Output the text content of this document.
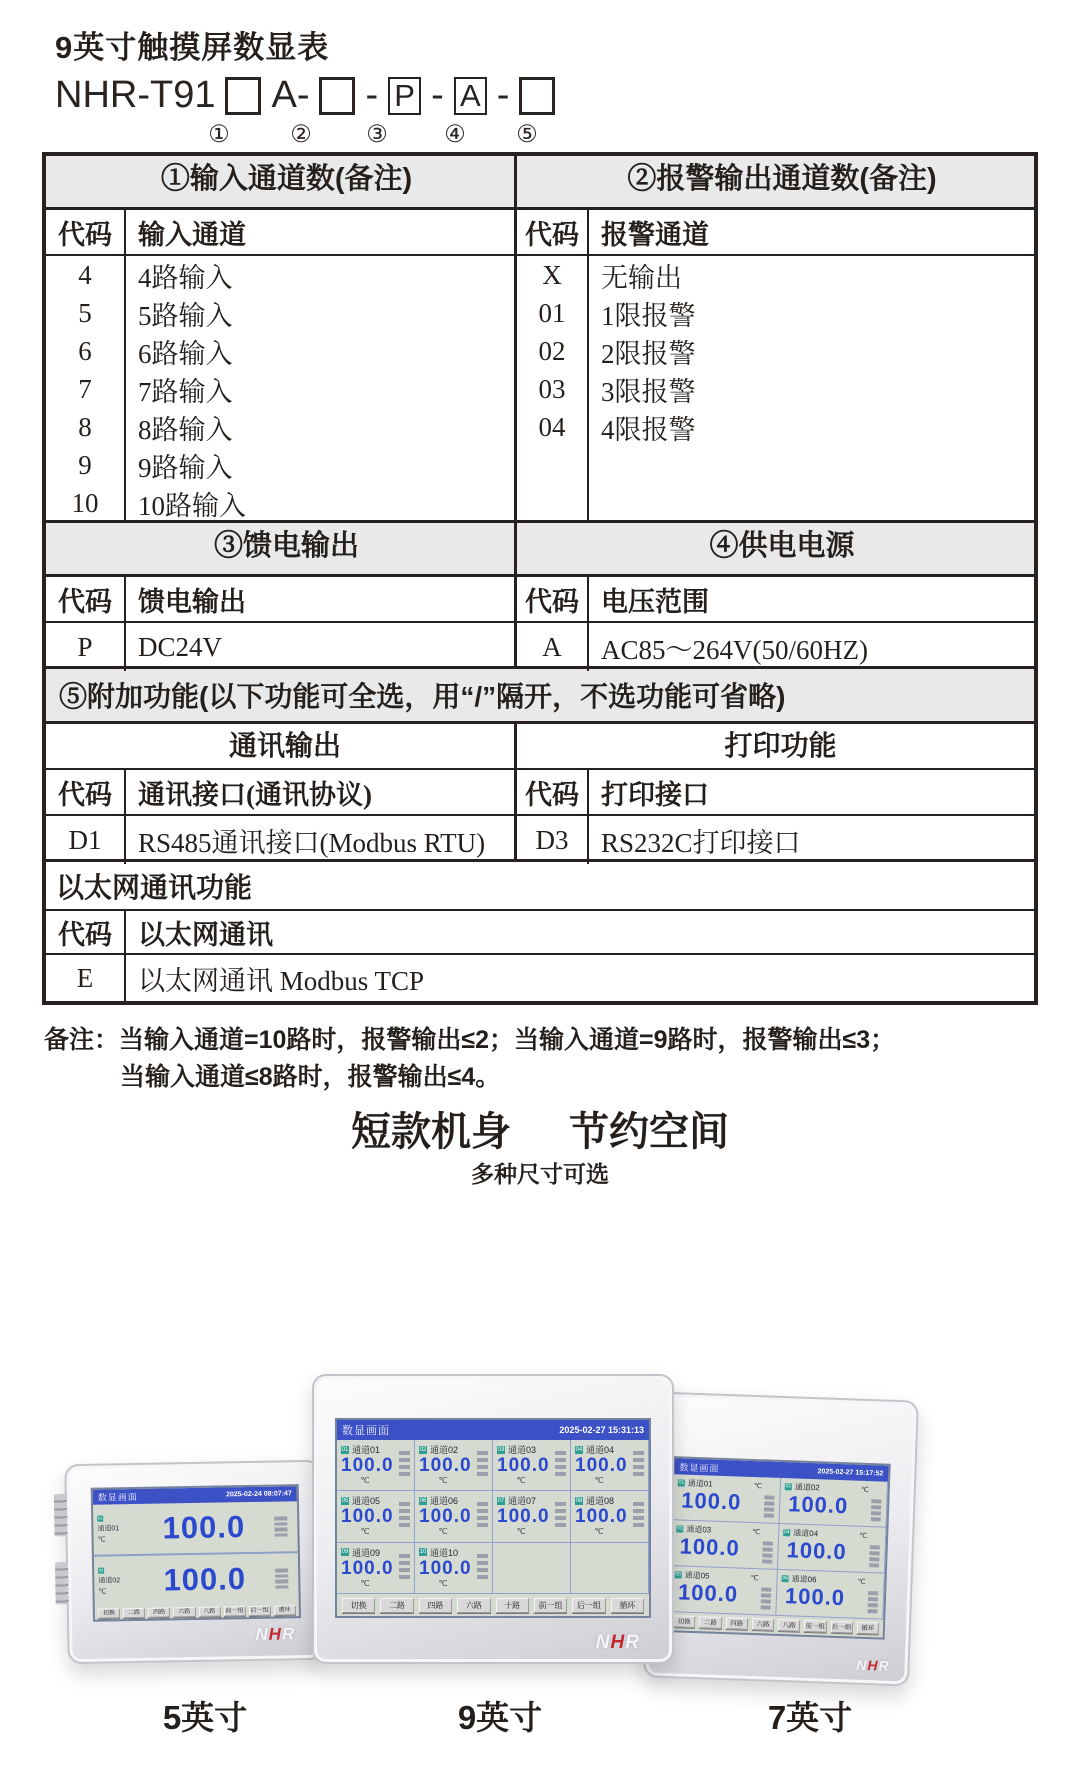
9英寸触摸屏数显表
NHR-T91 A- - P - A -
①	② ③ ④ ⑤
①输入通道数(备注)	②报警输出通道数(备注)
代码 输入通道
4	4路输入
5	5路输入
6	6路输入
7	7路输入
8	8路输入
9	9路输入
10	10路输入
代码 报警通道
X	无输出
01	1限报警
02	2限报警
03	3限报警
04	4限报警
③馈电输出	④供电电源
代码 馈电输出
P	DC24V
代码 电压范围
A	AC85～264V(50/60HZ)
⑤附加功能(以下功能可全选，用“/”隔开，不选功能可省略)
通讯输出	打印功能
代码 通讯接口(通讯协议)
D1	RS485通讯接口(Modbus RTU)
代码 打印接口
D3	RS232C打印接口
以太网通讯功能
代码 以太网通讯
E	以太网通讯 Modbus TCP
备注：当输入通道=10路时，报警输出≤2；当输入通道=9路时，报警输出≤3；
当输入通道≤8路时，报警输出≤4。
短款机身 节约空间
多种尺寸可选
数显画面	2025-02-24 08:07:47
01
通道01
℃	100.0
02
通道02
℃	100.0
切换	二路	四路	六路	八路	前一组	后一组	循环
NHR
数显画面	2025-02-27 15:31:13
01 通道01
100.0
℃
02 通道02
100.0
℃
03 通道03
100.0
℃
04 通道04
100.0
℃
05 通道05
100.0
℃
06 通道06
100.0
℃
07 通道07
100.0
℃
08 通道08
100.0
℃
09 通道09
100.0
℃
10 通道10
100.0
℃
切换	二路	四路	六路	十路	前一组	后一组	循环
NHR
数显画面	2025-02-27 15:17:52
01 通道01	℃
100.0
02 通道02	℃
100.0
03 通道03	℃
100.0
04 通道04	℃
100.0
05 通道05	℃
100.0
06 通道06	℃
100.0
切换	二路	四路	六路	八路	前一组 后一组	循环
NHR
5英寸	9英寸	7英寸
